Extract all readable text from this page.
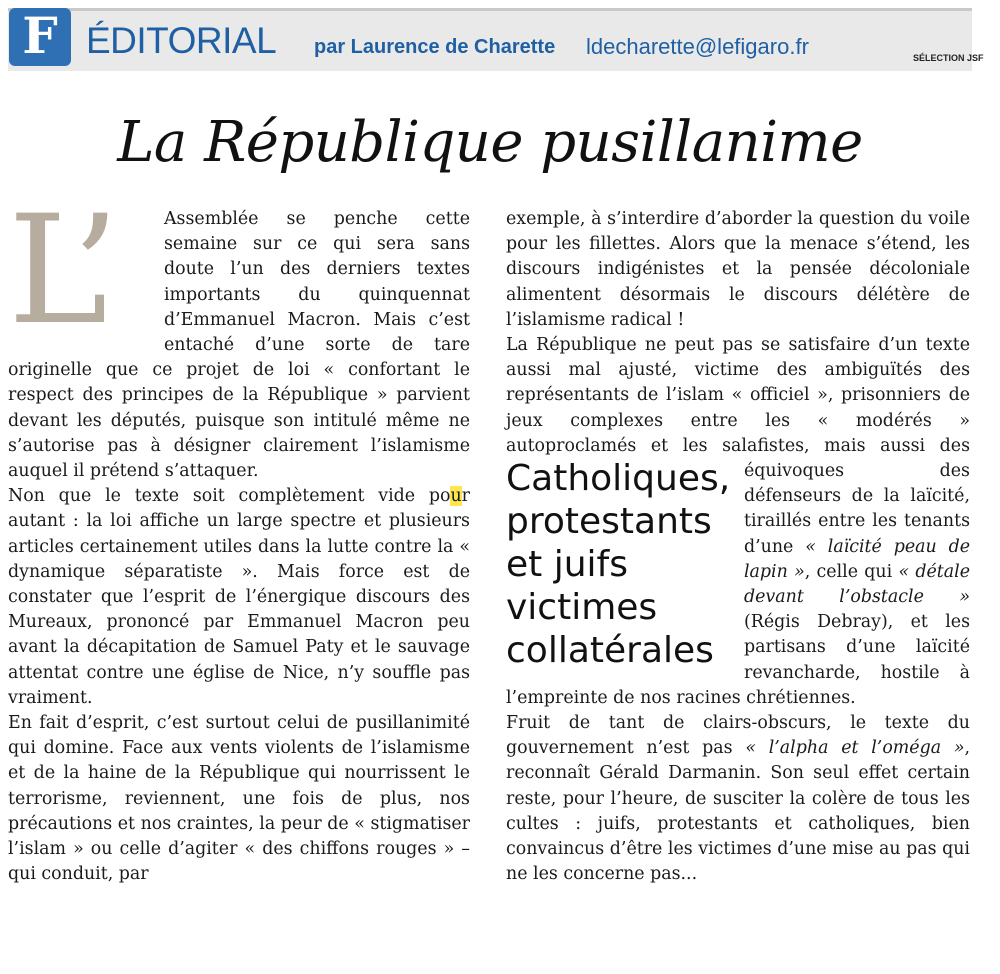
F ÉDITORIAL par Laurence de Charette ldecharette@lefigaro.fr	SÉLECTION JSF
La République pusillanime

L’	Assemblée se penche cette semaine sur ce qui sera sans doute l’un des derniers textes importants du quinquennat d’Emmanuel Macron. Mais c’est entaché d’une sorte de tare originelle que ce projet de loi « confortant le respect des principes de la République » parvient devant les députés, puisque son intitulé même ne s’autorise pas à désigner clairement l’islamisme auquel il prétend s’attaquer.

Non que le texte soit complètement vide pour autant : la loi affiche un large spectre et plusieurs articles certainement utiles dans la lutte contre la « dynamique séparatiste ». Mais force est de constater que l’esprit de l’énergique discours des Mureaux, prononcé par Emmanuel Macron peu avant la décapitation de Samuel Paty et le sauvage attentat contre une église de Nice, n’y souffle pas vraiment.

En fait d’esprit, c’est surtout celui de pusillanimité qui domine. Face aux vents violents de l’islamisme et de la haine de la République qui nourrissent le terrorisme, reviennent, une fois de plus, nos précautions et nos craintes, la peur de « stigmatiser l’islam » ou celle d’agiter « des chiffons rouges » – qui conduit, par

exemple, à s’interdire d’aborder la question du voile pour les fillettes. Alors que la menace s’étend, les discours indigénistes et la pensée décoloniale alimentent désormais le discours délétère de l’islamisme radical !

La République ne peut pas se satisfaire d’un texte aussi mal ajusté, victime des ambiguïtés des représentants de l’islam « officiel », prisonniers de jeux complexes entre les « modérés » autoproclamés et les salafistes, mais aussi
Catholiques, protestants et juifs victimes collatérales
des équivoques des défenseurs de la laïcité, tiraillés entre les tenants d’une « laïcité peau de lapin », celle qui « détale devant l’obstacle » (Régis Debray), et les partisans d’une laïcité revancharde, hostile à l’empreinte de nos racines chrétiennes.

Fruit de tant de clairs-obscurs, le texte du gouvernement n’est pas « l’alpha et l’oméga », reconnaît Gérald Darmanin. Son seul effet certain reste, pour l’heure, de susciter la colère de tous les cultes : juifs, protestants et catholiques, bien convaincus d’être les victimes d’une mise au pas qui ne les concerne pas...
